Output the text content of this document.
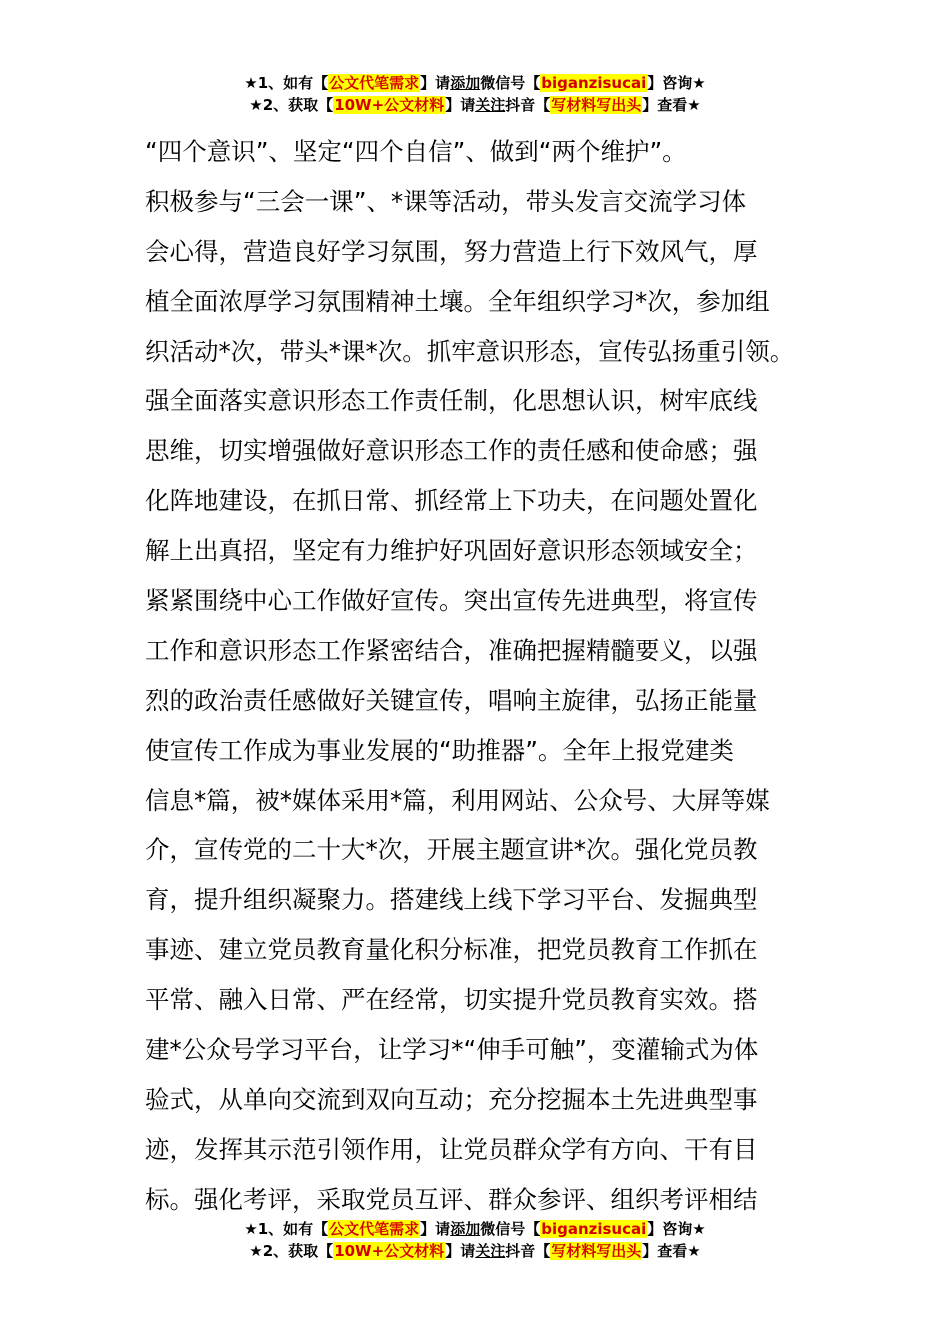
★1、如有【公文代笔需求】请添加微信号【biganzisucai】咨询★
★2、获取【10W+公文材料】请关注抖音【写材料写出头】查看★
“四个意识”、坚定“四个自信”、做到“两个维护”。
积极参与“三会一课”、*课等活动，带头发言交流学习体
会心得，营造良好学习氛围，努力营造上行下效风气，厚
植全面浓厚学习氛围精神土壤。全年组织学习*次，参加组
织活动*次，带头*课*次。抓牢意识形态，宣传弘扬重引领。
强全面落实意识形态工作责任制，化思想认识，树牢底线
思维，切实增强做好意识形态工作的责任感和使命感；强
化阵地建设，在抓日常、抓经常上下功夫，在问题处置化
解上出真招，坚定有力维护好巩固好意识形态领域安全；
紧紧围绕中心工作做好宣传。突出宣传先进典型，将宣传
工作和意识形态工作紧密结合，准确把握精髓要义，以强
烈的政治责任感做好关键宣传，唱响主旋律，弘扬正能量
使宣传工作成为事业发展的“助推器”。全年上报党建类
信息*篇，被*媒体采用*篇，利用网站、公众号、大屏等媒
介，宣传党的二十大*次，开展主题宣讲*次。强化党员教
育，提升组织凝聚力。搭建线上线下学习平台、发掘典型
事迹、建立党员教育量化积分标准，把党员教育工作抓在
平常、融入日常、严在经常，切实提升党员教育实效。搭
建*公众号学习平台，让学习*“伸手可触”，变灌输式为体
验式，从单向交流到双向互动；充分挖掘本土先进典型事
迹，发挥其示范引领作用，让党员群众学有方向、干有目
标。强化考评，采取党员互评、群众参评、组织考评相结
★1、如有【公文代笔需求】请添加微信号【biganzisucai】咨询★
★2、获取【10W+公文材料】请关注抖音【写材料写出头】查看★
